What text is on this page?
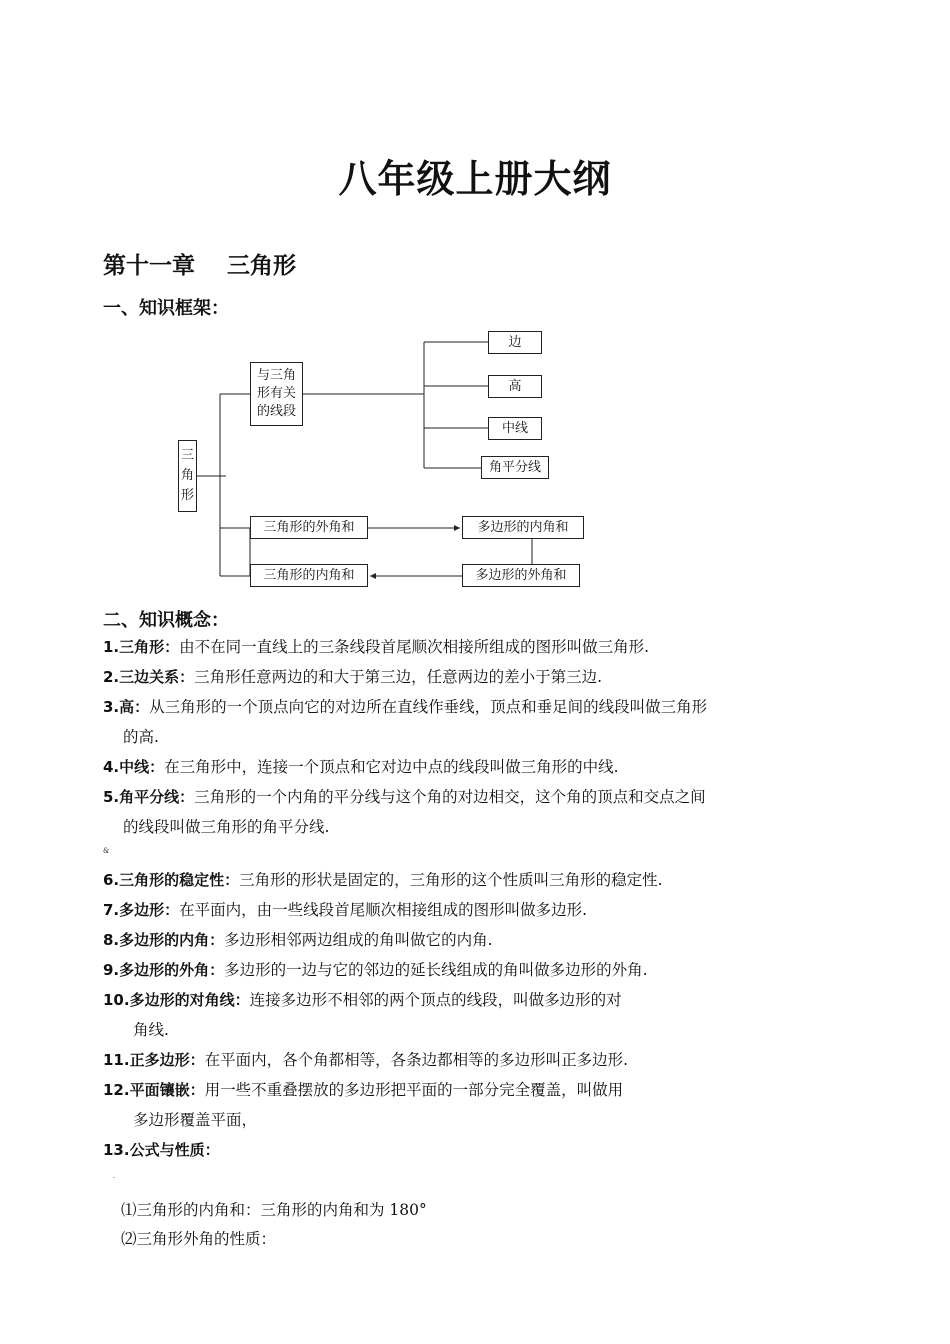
八年级上册大纲
第十一章    三角形
一、知识框架：
三
角
形
与三角
形有关
的线段
边
高
中线
角平分线
三角形的外角和
三角形的内角和
多边形的内角和
多边形的外角和
二、知识概念：
1.三角形：由不在同一直线上的三条线段首尾顺次相接所组成的图形叫做三角形.
2.三边关系：三角形任意两边的和大于第三边，任意两边的差小于第三边.
3.高：从三角形的一个顶点向它的对边所在直线作垂线，顶点和垂足间的线段叫做三角形
的高.
4.中线：在三角形中，连接一个顶点和它对边中点的线段叫做三角形的中线.
5.角平分线：三角形的一个内角的平分线与这个角的对边相交，这个角的顶点和交点之间
的线段叫做三角形的角平分线.
&
6.三角形的稳定性：三角形的形状是固定的，三角形的这个性质叫三角形的稳定性.
7.多边形：在平面内，由一些线段首尾顺次相接组成的图形叫做多边形.
8.多边形的内角：多边形相邻两边组成的角叫做它的内角.
9.多边形的外角：多边形的一边与它的邻边的延长线组成的角叫做多边形的外角.
10.多边形的对角线：连接多边形不相邻的两个顶点的线段，叫做多边形的对
角线.
11.正多边形：在平面内，各个角都相等，各条边都相等的多边形叫正多边形.
12.平面镶嵌：用一些不重叠摆放的多边形把平面的一部分完全覆盖，叫做用
多边形覆盖平面，
13.公式与性质：
·
⑴三角形的内角和：三角形的内角和为 180°
⑵三角形外角的性质：
